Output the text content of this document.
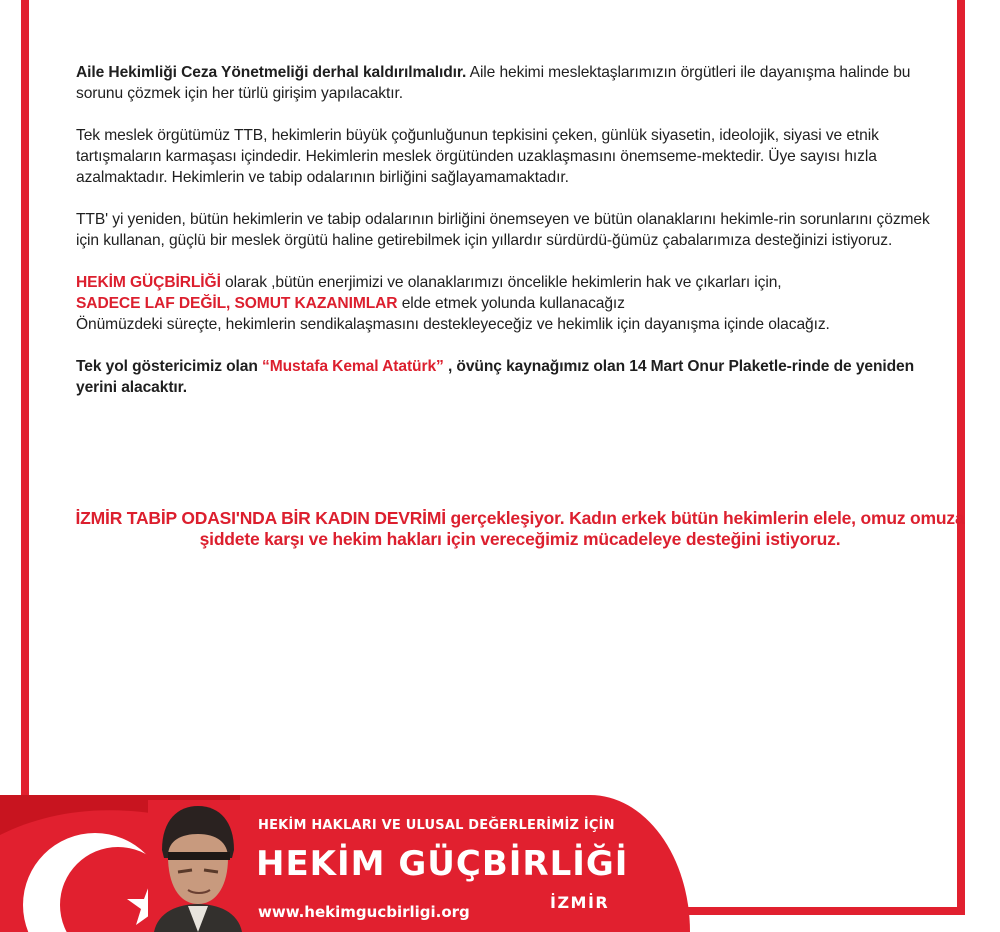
Aile Hekimliği Ceza Yönetmeliği derhal kaldırılmalıdır. Aile hekimi meslektaşlarımızın örgütleri ile dayanışma halinde bu sorunu çözmek için her türlü girişim yapılacaktır.

Tek meslek örgütümüz TTB, hekimlerin büyük çoğunluğunun tepkisini çeken, günlük siyasetin, ideolojik, siyasi ve etnik tartışmaların karmaşası içindedir. Hekimlerin meslek örgütünden uzaklaşmasını önemseme-mektedir. Üye sayısı hızla azalmaktadır. Hekimlerin ve tabip odalarının birliğini sağlayamamaktadır.

TTB' yi yeniden, bütün hekimlerin ve tabip odalarının birliğini önemseyen ve bütün olanaklarını hekimle-rin sorunlarını çözmek için kullanan, güçlü bir meslek örgütü haline getirebilmek için yıllardır sürdürdü-ğümüz çabalarımıza desteğinizi istiyoruz.

HEKİM GÜÇBİRLİĞİ olarak ,bütün enerjimizi ve olanaklarımızı öncelikle hekimlerin hak ve çıkarları için,
SADECE LAF DEĞİL, SOMUT KAZANIMLAR elde etmek yolunda kullanacağız
Önümüzdeki süreçte, hekimlerin sendikalaşmasını destekleyeceğiz ve hekimlik için dayanışma içinde olacağız.

Tek yol göstericimiz olan “Mustafa Kemal Atatürk” , övünç kaynağımız olan 14 Mart Onur Plaketle-rinde de yeniden yerini alacaktır.

İZMİR TABİP ODASI'NDA BİR KADIN DEVRİMİ gerçekleşiyor. Kadın erkek bütün hekimlerin elele, omuz omuza şiddete karşı ve hekim hakları için vereceğimiz mücadeleye desteğini istiyoruz.

HEKİM HAKLARI VE ULUSAL DEĞERLERİMİZ İÇİN
HEKİM GÜÇBİRLİĞİ
www.hekimgucbirligi.org	İZMİR
